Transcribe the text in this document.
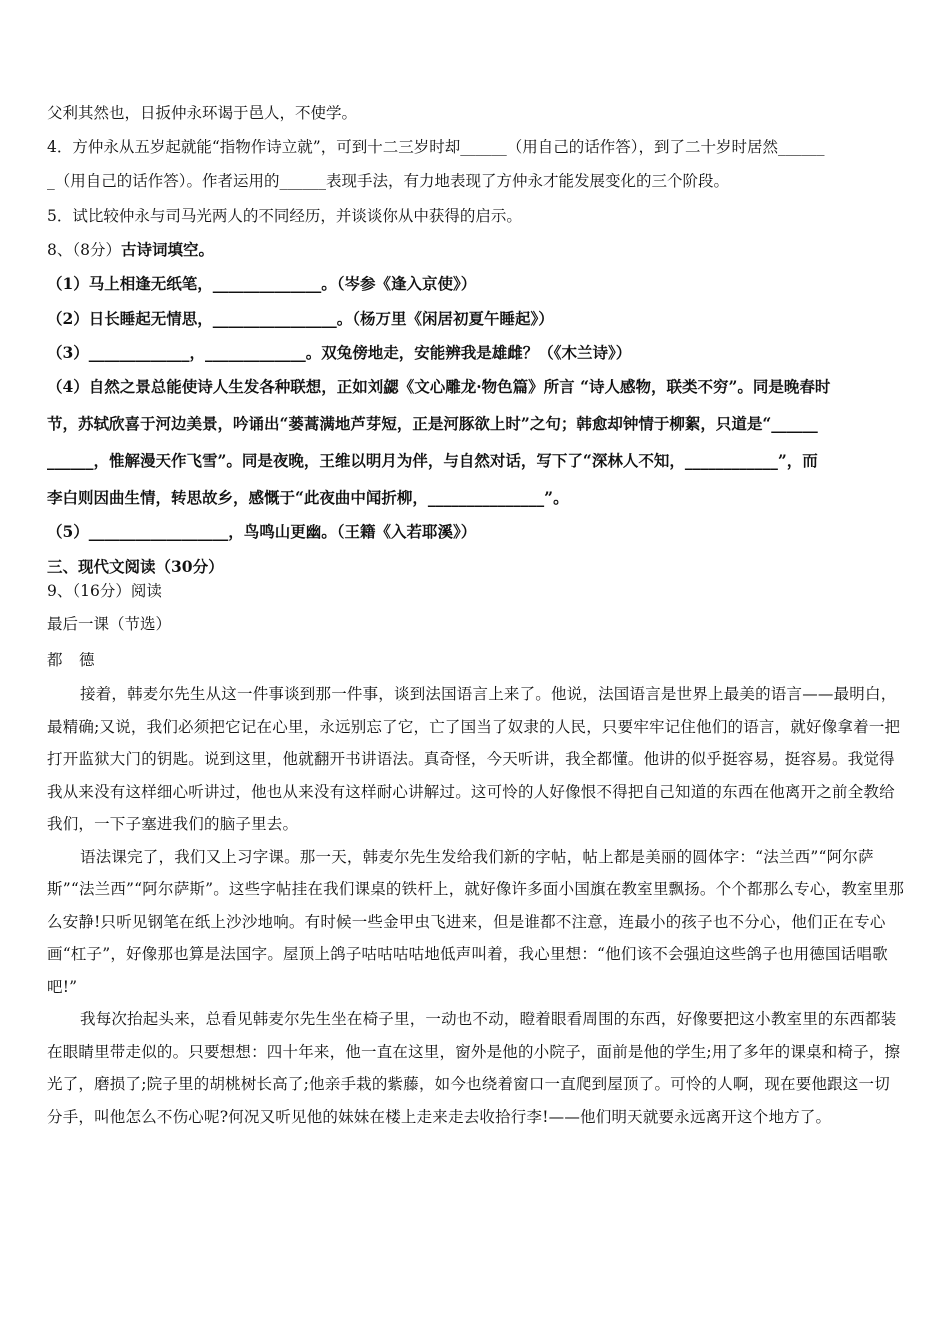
父利其然也，日扳仲永环谒于邑人，不使学。
4．方仲永从五岁起就能“指物作诗立就”，可到十二三岁时却______（用自己的话作答），到了二十岁时居然______
_（用自己的话作答）。作者运用的______表现手法，有力地表现了方仲永才能发展变化的三个阶段。
5．试比较仲永与司马光两人的不同经历，并谈谈你从中获得的启示。
8、（8分）古诗词填空。
（1）马上相逢无纸笔，______________。（岑参《逢入京使》）
（2）日长睡起无情思，________________。（杨万里《闲居初夏午睡起》）
（3）_____________，_____________。双兔傍地走，安能辨我是雄雌？（《木兰诗》）
（4）自然之景总能使诗人生发各种联想，正如刘勰《文心雕龙·物色篇》所言 “诗人感物，联类不穷”。同是晚春时
节，苏轼欣喜于河边美景，吟诵出“蒌蒿满地芦芽短，正是河豚欲上时”之句；韩愈却钟情于柳絮，只道是“______
______，惟解漫天作飞雪”。同是夜晚，王维以明月为伴，与自然对话，写下了“深林人不知，____________”，而
李白则因曲生情，转思故乡，感慨于“此夜曲中闻折柳，_______________”。
（5）__________________，鸟鸣山更幽。（王籍《入若耶溪》）
三、现代文阅读（30分）
9、（16分）阅读
最后一课（节选）
都 德

接着，韩麦尔先生从这一件事谈到那一件事，谈到法国语言上来了。他说，法国语言是世界上最美的语言——最明白，最精确;又说，我们必须把它记在心里，永远别忘了它，亡了国当了奴隶的人民，只要牢牢记住他们的语言，就好像拿着一把打开监狱大门的钥匙。说到这里，他就翻开书讲语法。真奇怪，今天听讲，我全都懂。他讲的似乎挺容易，挺容易。我觉得我从来没有这样细心听讲过，他也从来没有这样耐心讲解过。这可怜的人好像恨不得把自己知道的东西在他离开之前全教给我们，一下子塞进我们的脑子里去。

语法课完了，我们又上习字课。那一天，韩麦尔先生发给我们新的字帖，帖上都是美丽的圆体字：“法兰西”“阿尔萨斯”“法兰西”“阿尔萨斯”。这些字帖挂在我们课桌的铁杆上，就好像许多面小国旗在教室里飘扬。个个都那么专心，教室里那么安静!只听见钢笔在纸上沙沙地响。有时候一些金甲虫飞进来，但是谁都不注意，连最小的孩子也不分心，他们正在专心画“杠子”，好像那也算是法国字。屋顶上鸽子咕咕咕咕地低声叫着，我心里想：“他们该不会强迫这些鸽子也用德国话唱歌吧!”

我每次抬起头来，总看见韩麦尔先生坐在椅子里，一动也不动，瞪着眼看周围的东西，好像要把这小教室里的东西都装在眼睛里带走似的。只要想想：四十年来，他一直在这里，窗外是他的小院子，面前是他的学生;用了多年的课桌和椅子，擦光了，磨损了;院子里的胡桃树长高了;他亲手栽的紫藤，如今也绕着窗口一直爬到屋顶了。可怜的人啊，现在要他跟这一切分手，叫他怎么不伤心呢?何况又听见他的妹妹在楼上走来走去收拾行李!——他们明天就要永远离开这个地方了。
